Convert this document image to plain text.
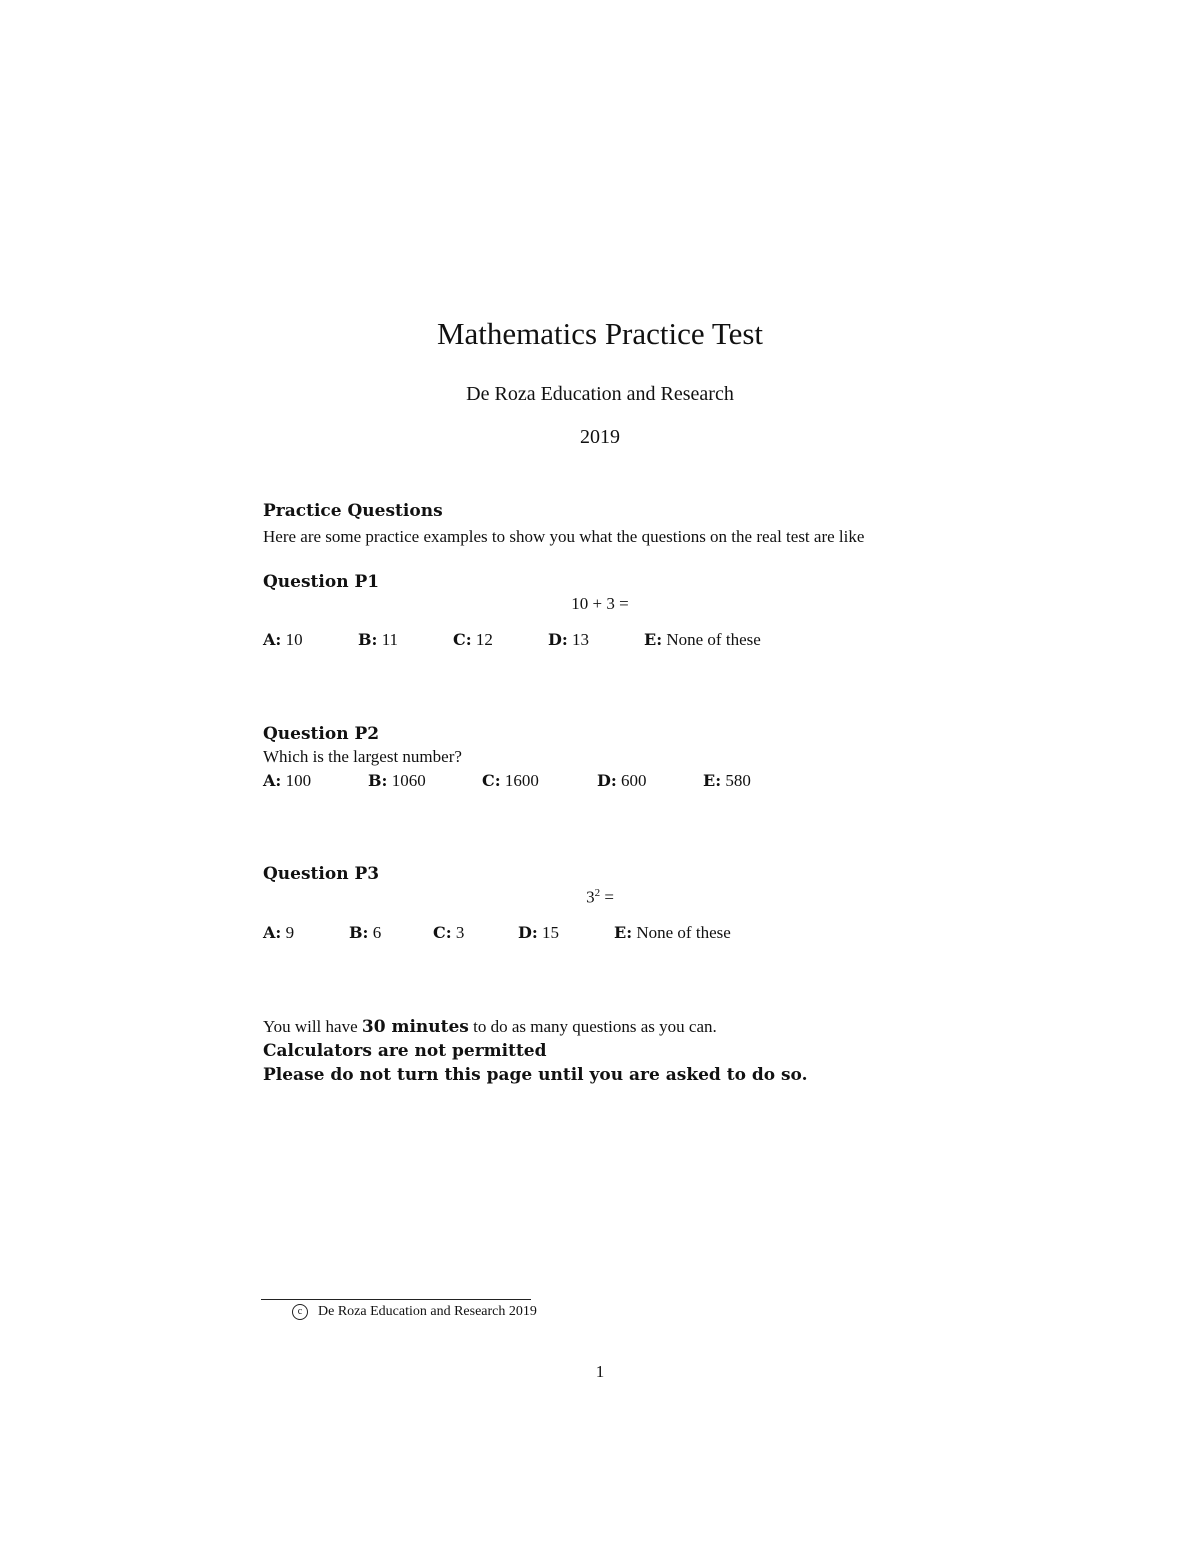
Mathematics Practice Test
De Roza Education and Research
2019
Practice Questions
Here are some practice examples to show you what the questions on the real test are like
Question P1
10 + 3 =
A: 10	B: 11	C: 12	D: 13	E: None of these
Question P2
Which is the largest number?
A: 100	B: 1060	C: 1600	D: 600	E: 580
Question P3
$3^2$ =
A: 9	B: 6	C: 3	D: 15	E: None of these
You will have 30 minutes to do as many questions as you can.
Calculators are not permitted
Please do not turn this page until you are asked to do so.
c De Roza Education and Research 2019
1
